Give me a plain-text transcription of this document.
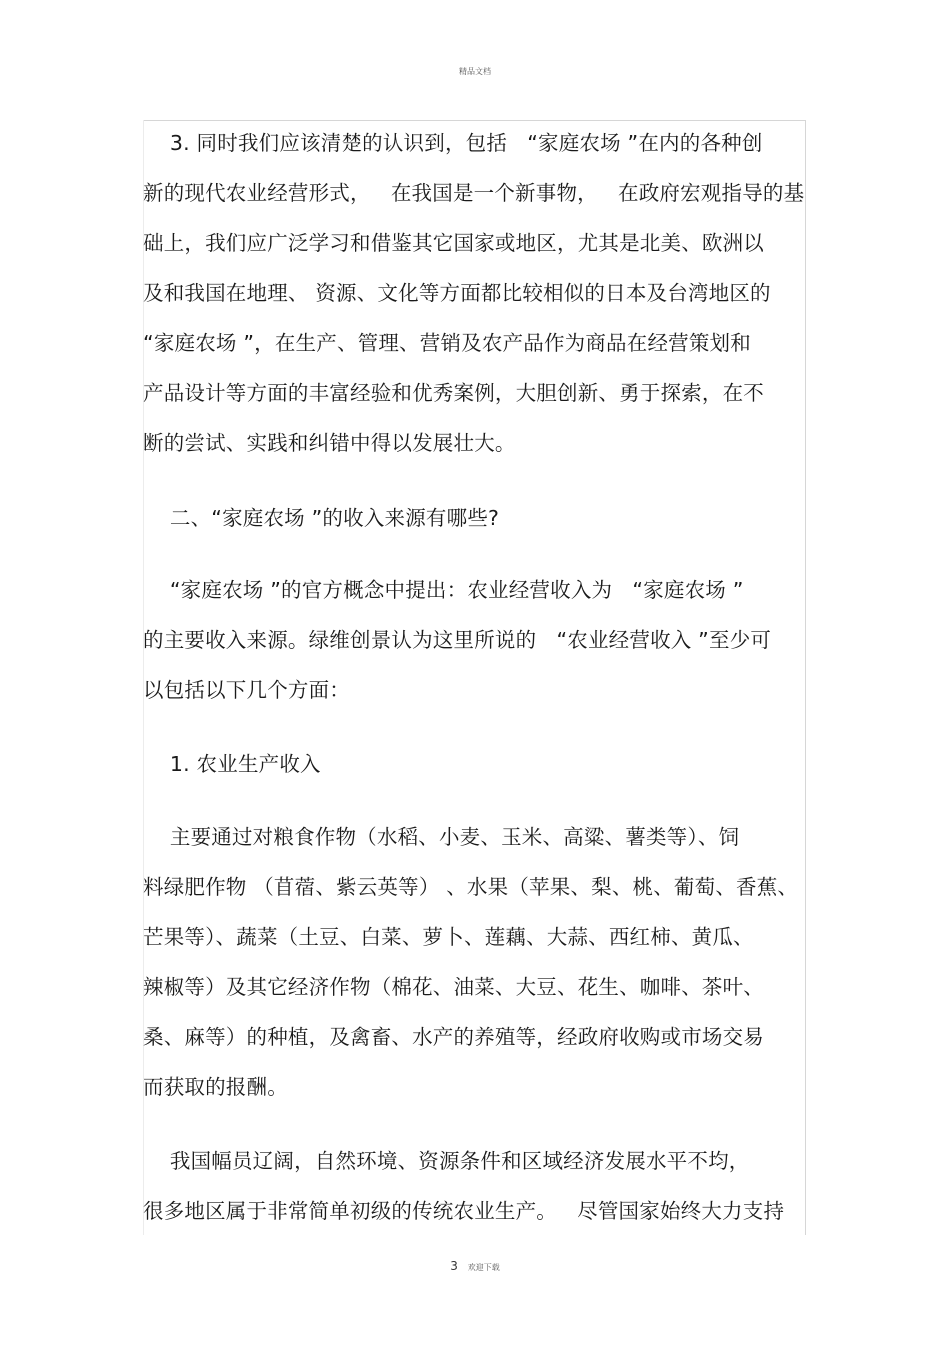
精品文档
3. 同时我们应该清楚的认识到，包括   “家庭农场 ”在内的各种创
新的现代农业经营形式，   在我国是一个新事物，   在政府宏观指导的基
础上，我们应广泛学习和借鉴其它国家或地区，尤其是北美、欧洲以
及和我国在地理、 资源、文化等方面都比较相似的日本及台湾地区的
“家庭农场 ”，在生产、管理、营销及农产品作为商品在经营策划和
产品设计等方面的丰富经验和优秀案例，大胆创新、勇于探索，在不
断的尝试、实践和纠错中得以发展壮大。
二、“家庭农场 ”的收入来源有哪些?
“家庭农场 ”的官方概念中提出：农业经营收入为   “家庭农场 ”
的主要收入来源。绿维创景认为这里所说的   “农业经营收入 ”至少可
以包括以下几个方面：
1. 农业生产收入
主要通过对粮食作物（水稻、小麦、玉米、高粱、薯类等）、饲
料绿肥作物 （苜蓿、紫云英等） 、水果（苹果、梨、桃、葡萄、香蕉、
芒果等）、蔬菜（土豆、白菜、萝卜、莲藕、大蒜、西红柿、黄瓜、
辣椒等）及其它经济作物（棉花、油菜、大豆、花生、咖啡、茶叶、
桑、麻等）的种植，及禽畜、水产的养殖等，经政府收购或市场交易
而获取的报酬。
我国幅员辽阔，自然环境、资源条件和区域经济发展水平不均，
很多地区属于非常简单初级的传统农业生产。   尽管国家始终大力支持
3 欢迎下载
